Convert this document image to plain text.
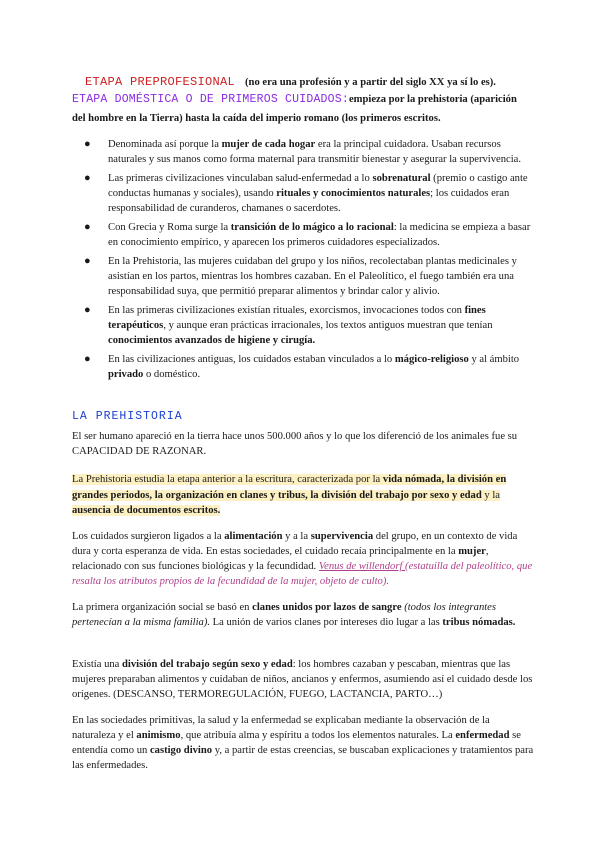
ETAPA PREPROFESIONAL (no era una profesión y a partir del siglo XX ya sí lo es).
ETAPA DOMÉSTICA O DE PRIMEROS CUIDADOS:empieza por la prehistoria (aparición del hombre en la Tierra) hasta la caída del imperio romano (los primeros escritos.
● Denominada así porque la mujer de cada hogar era la principal cuidadora. Usaban recursos naturales y sus manos como forma maternal para transmitir bienestar y asegurar la supervivencia.
● Las primeras civilizaciones vinculaban salud-enfermedad a lo sobrenatural (premio o castigo ante conductas humanas y sociales), usando rituales y conocimientos naturales; los cuidados eran responsabilidad de curanderos, chamanes o sacerdotes.
● Con Grecia y Roma surge la transición de lo mágico a lo racional: la medicina se empieza a basar en conocimiento empírico, y aparecen los primeros cuidadores especializados.
● En la Prehistoria, las mujeres cuidaban del grupo y los niños, recolectaban plantas medicinales y asistían en los partos, mientras los hombres cazaban. En el Paleolítico, el fuego también era una responsabilidad suya, que permitió preparar alimentos y brindar calor y alivio.
● En las primeras civilizaciones existían rituales, exorcismos, invocaciones todos con fines terapéuticos, y aunque eran prácticas irracionales, los textos antiguos muestran que tenían conocimientos avanzados de higiene y cirugía.
● En las civilizaciones antiguas, los cuidados estaban vinculados a lo mágico-religioso y al ámbito privado o doméstico.
LA PREHISTORIA

El ser humano apareció en la tierra hace unos 500.000 años y lo que los diferenció de los animales fue su CAPACIDAD DE RAZONAR.

La Prehistoria estudia la etapa anterior a la escritura, caracterizada por la vida nómada, la división en grandes periodos, la organización en clanes y tribus, la división del trabajo por sexo y edad y la ausencia de documentos escritos.

Los cuidados surgieron ligados a la alimentación y a la supervivencia del grupo, en un contexto de vida dura y corta esperanza de vida. En estas sociedades, el cuidado recaía principalmente en la mujer, relacionado con sus funciones biológicas y la fecundidad. Venus de willendorf (estatuilla del paleolítico, que resalta los atributos propios de la fecundidad de la mujer, objeto de culto).

La primera organización social se basó en clanes unidos por lazos de sangre (todos los integrantes pertenecían a la misma familia). La unión de varios clanes por intereses dio lugar a las tribus nómadas.

Existía una división del trabajo según sexo y edad: los hombres cazaban y pescaban, mientras que las mujeres preparaban alimentos y cuidaban de niños, ancianos y enfermos, asumiendo así el cuidado desde los orígenes. (DESCANSO, TERMOREGULACIÓN, FUEGO, LACTANCIA, PARTO…)

En las sociedades primitivas, la salud y la enfermedad se explicaban mediante la observación de la naturaleza y el animismo, que atribuía alma y espíritu a todos los elementos naturales. La enfermedad se entendía como un castigo divino y, a partir de estas creencias, se buscaban explicaciones y tratamientos para las enfermedades.
